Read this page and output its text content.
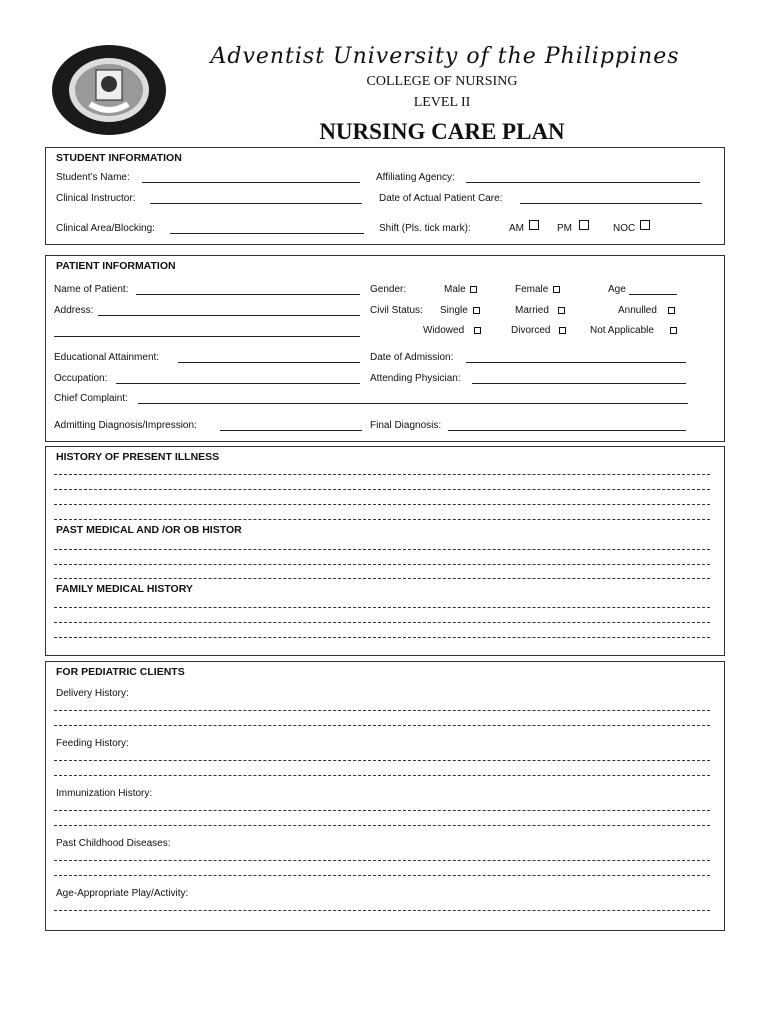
Adventist University of the Philippines
COLLEGE OF NURSING
LEVEL II
NURSING CARE PLAN
STUDENT INFORMATION
Student’s Name:	Affiliating Agency:
Clinical Instructor:	Date of Actual Patient Care:
Clinical Area/Blocking:	Shift (Pls. tick mark):	AM	PM	NOC
PATIENT INFORMATION
Name of Patient:	Gender:	Male	Female	Age
Address:	Civil Status: Single	Married	Annulled
Widowed	Divorced	Not Applicable
Educational Attainment:	Date of Admission:
Occupation:	Attending Physician:
Chief Complaint:
Admitting Diagnosis/Impression:	Final Diagnosis:
HISTORY OF PRESENT ILLNESS
PAST MEDICAL AND /OR OB HISTOR
FAMILY MEDICAL HISTORY
FOR PEDIATRIC CLIENTS
Delivery History:
Feeding History:
Immunization History:
Past Childhood Diseases:
Age-Appropriate Play/Activity:
